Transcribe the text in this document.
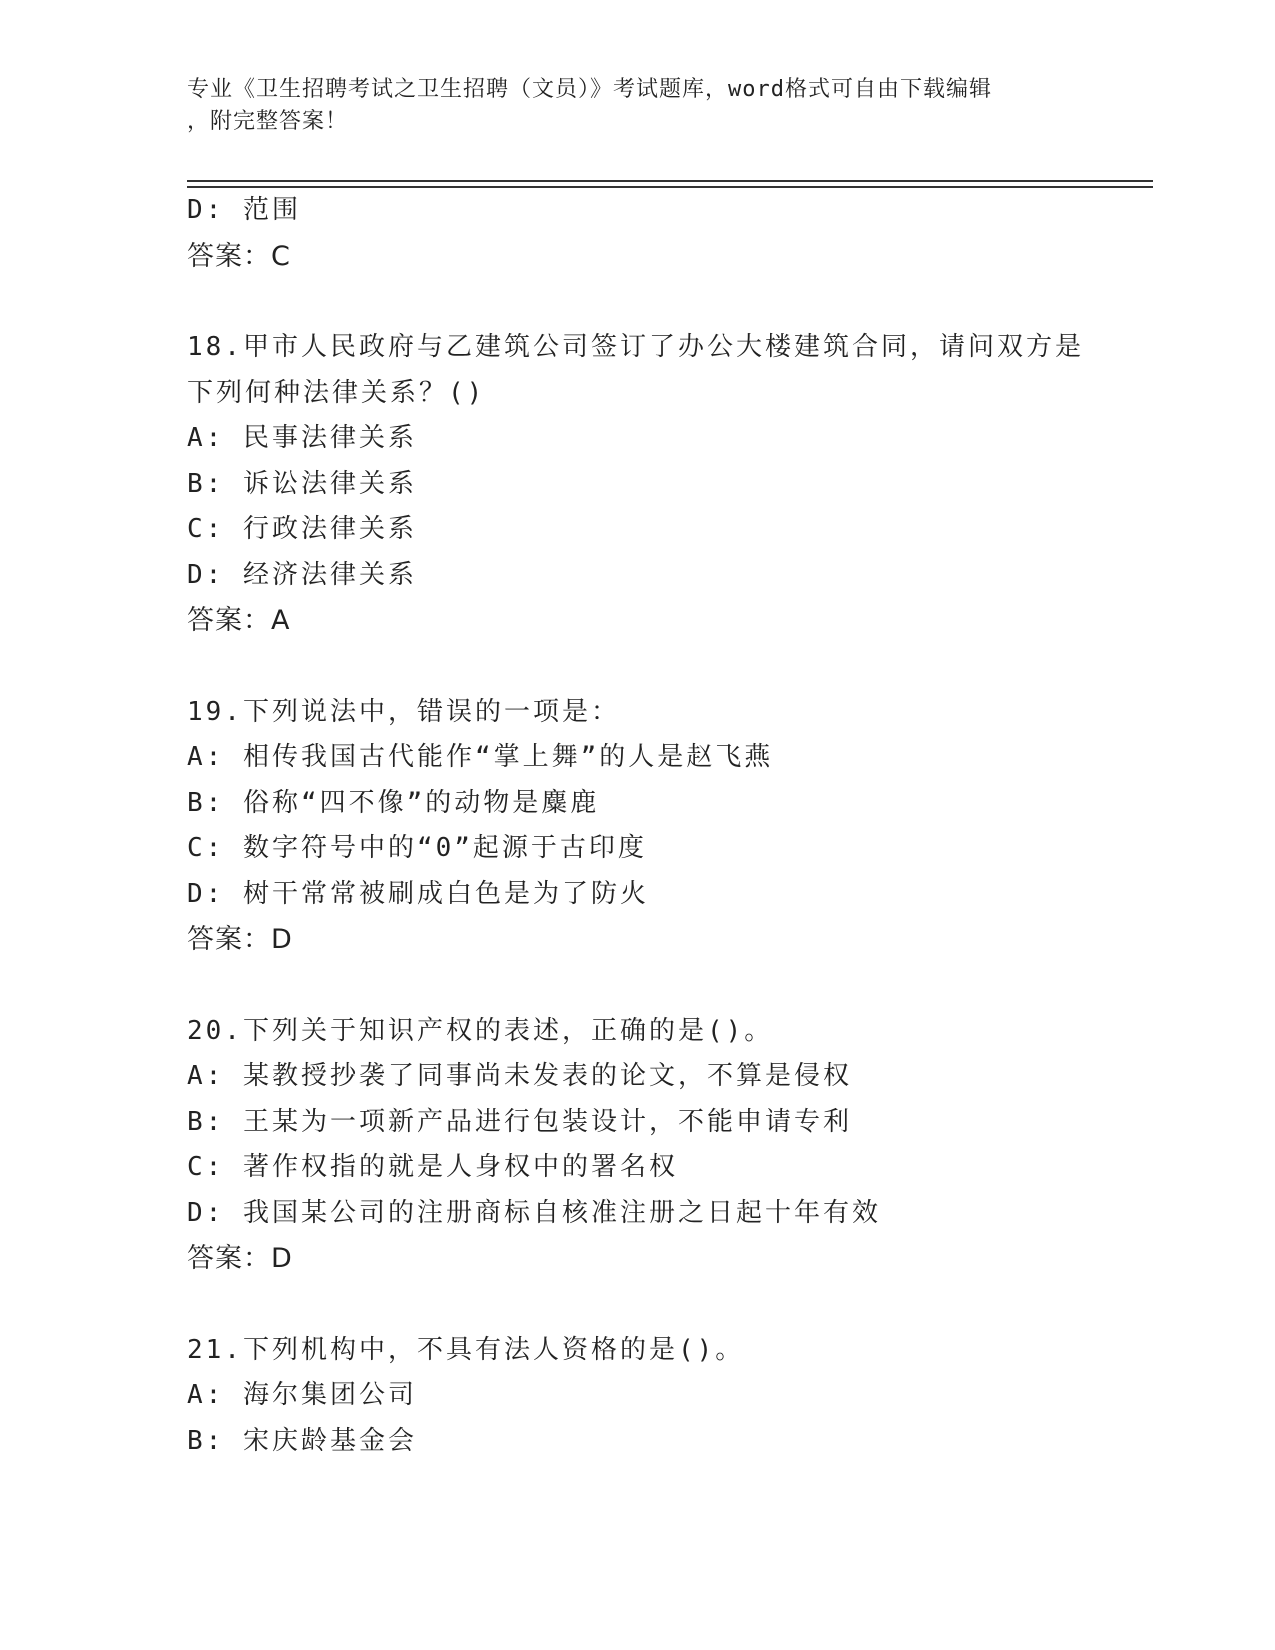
专业《卫生招聘考试之卫生招聘（文员）》考试题库，word格式可自由下载编辑
，附完整答案！
D: 范围
答案：C
18.甲市人民政府与乙建筑公司签订了办公大楼建筑合同，请问双方是
下列何种法律关系？()
A: 民事法律关系
B: 诉讼法律关系
C: 行政法律关系
D: 经济法律关系
答案：A
19.下列说法中，错误的一项是：
A: 相传我国古代能作“掌上舞”的人是赵飞燕
B: 俗称“四不像”的动物是麋鹿
C: 数字符号中的“0”起源于古印度
D: 树干常常被刷成白色是为了防火
答案：D
20.下列关于知识产权的表述，正确的是()。
A: 某教授抄袭了同事尚未发表的论文，不算是侵权
B: 王某为一项新产品进行包装设计，不能申请专利
C: 著作权指的就是人身权中的署名权
D: 我国某公司的注册商标自核准注册之日起十年有效
答案：D
21.下列机构中，不具有法人资格的是()。
A: 海尔集团公司
B: 宋庆龄基金会
